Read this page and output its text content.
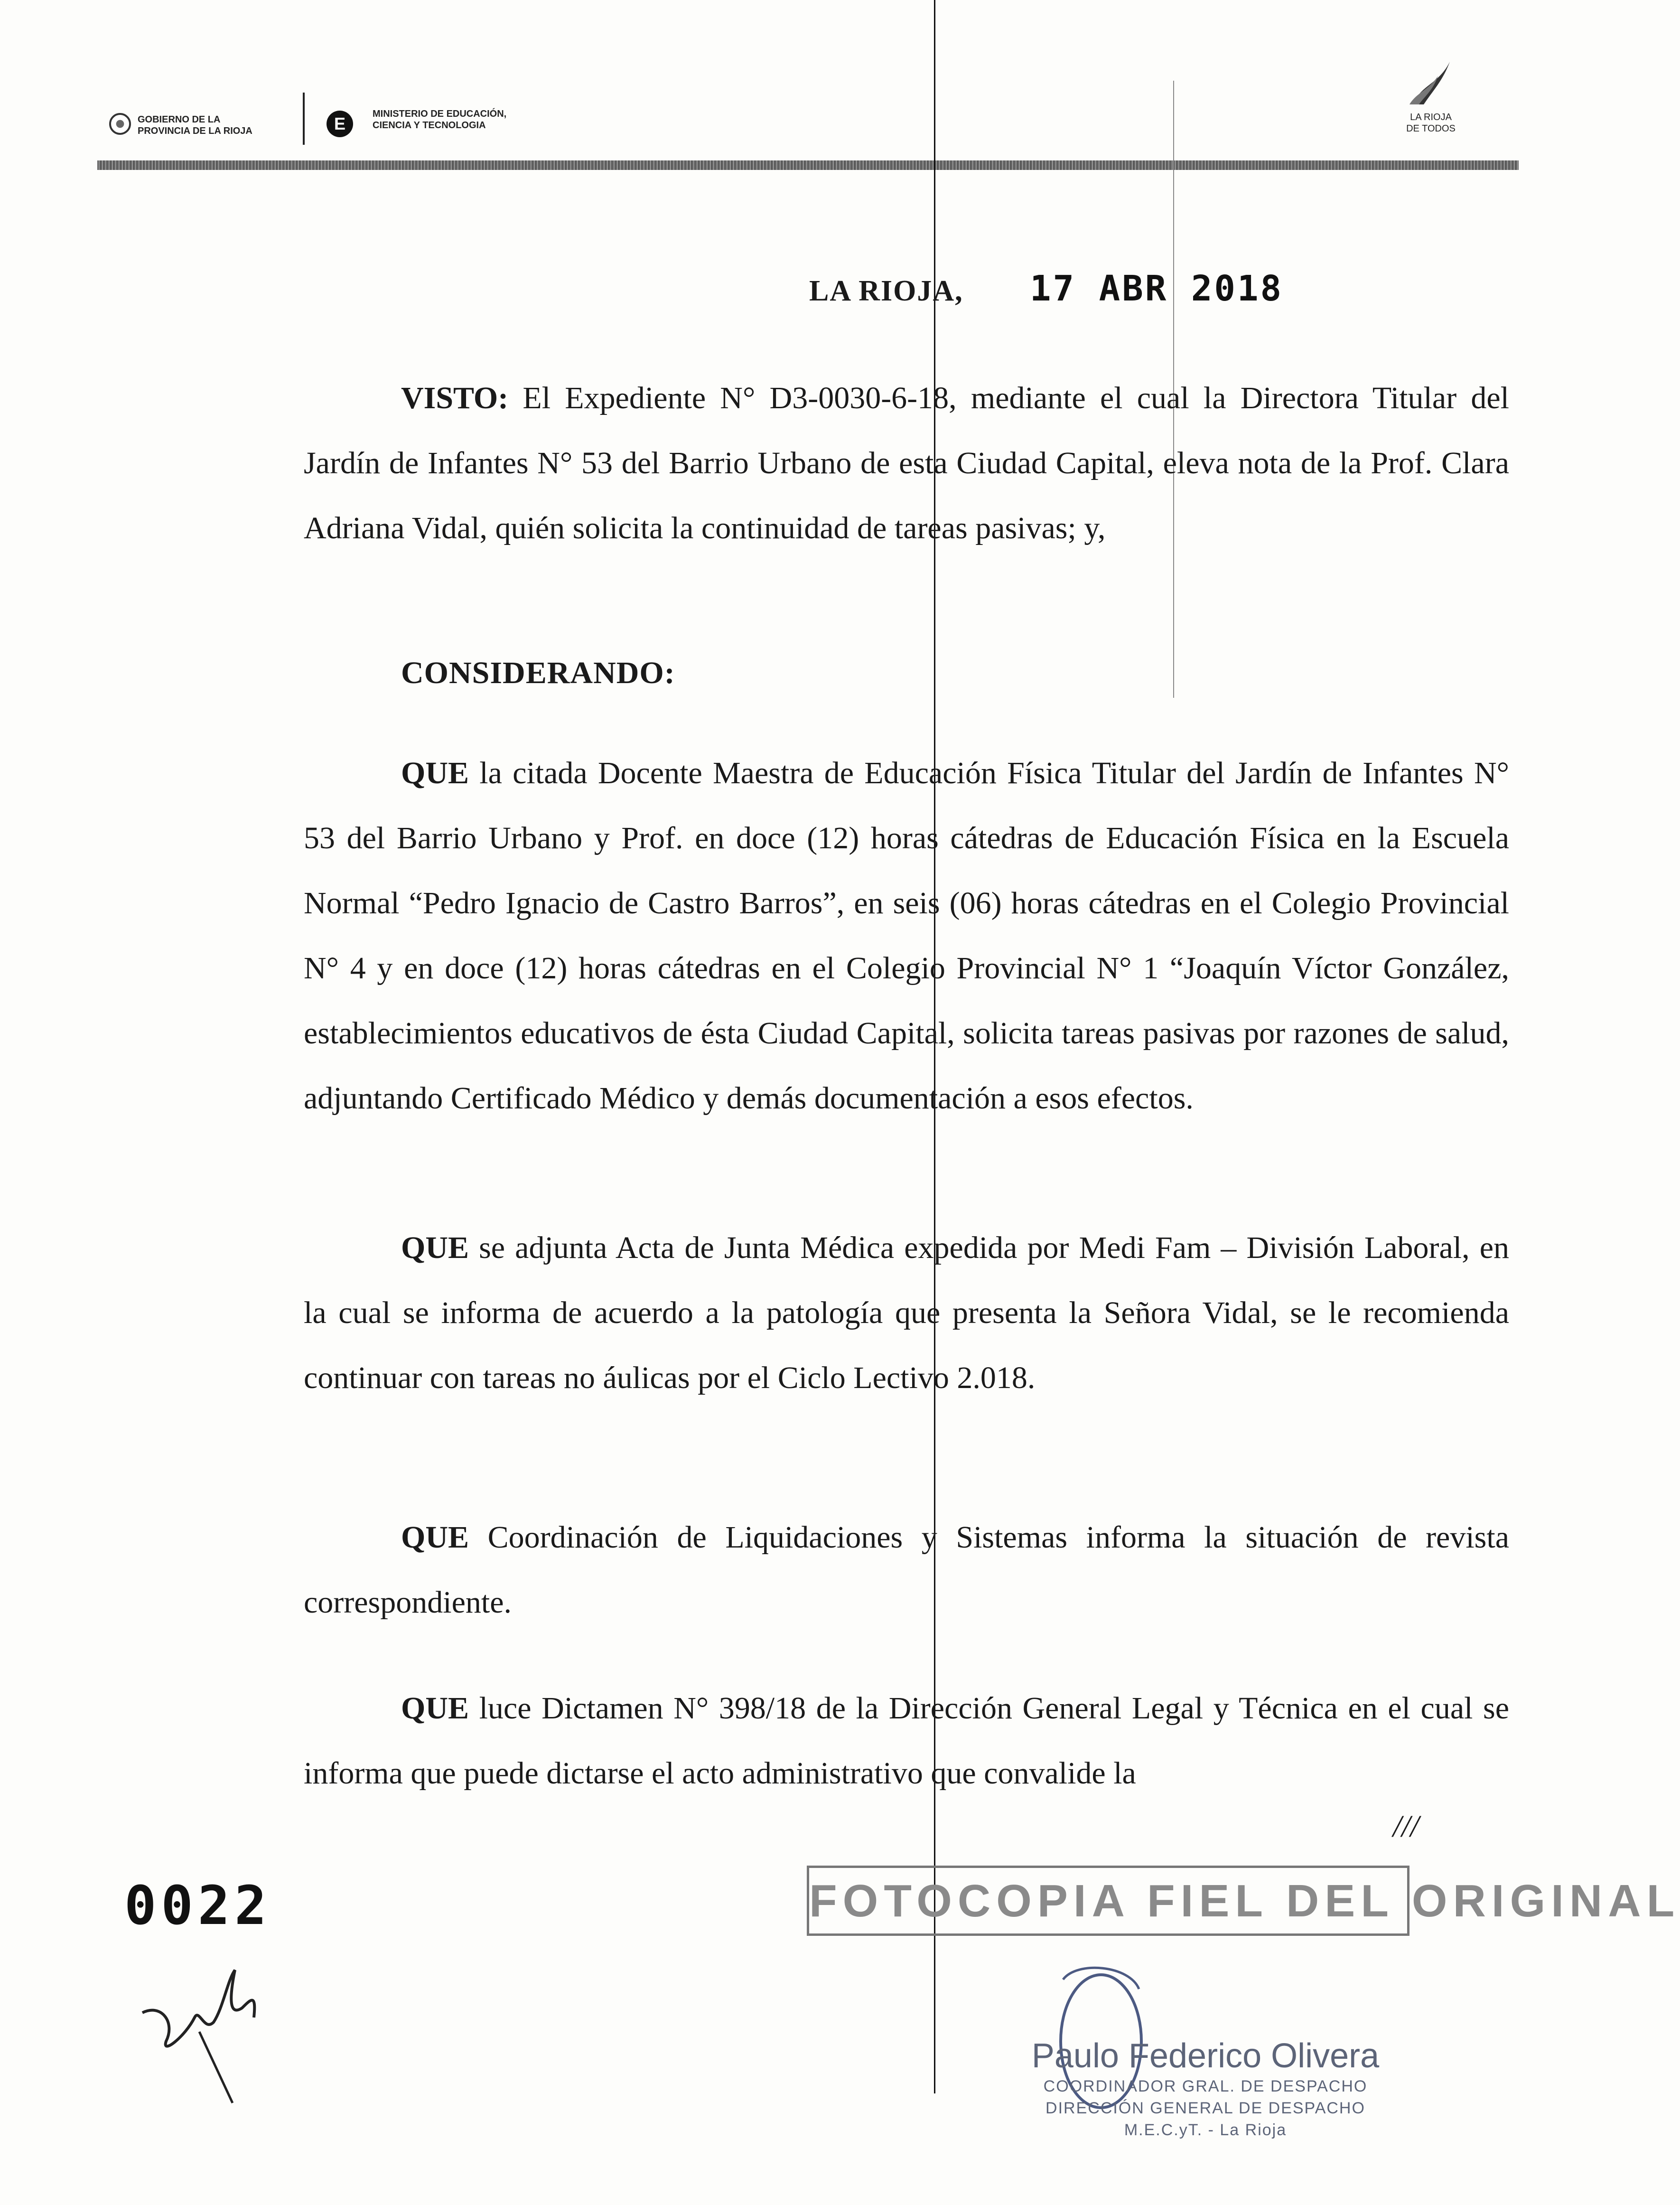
GOBIERNO DE LA
PROVINCIA DE LA RIOJA	E	MINISTERIO DE EDUCACIÓN,
CIENCIA Y TECNOLOGIA
LA RIOJA
DE TODOS
LA RIOJA, 17 ABR 2018
VISTO: El Expediente N° D3-0030-6-18, mediante el cual la Directora Titular del Jardín de Infantes N° 53 del Barrio Urbano de esta Ciudad Capital, eleva nota de la Prof. Clara Adriana Vidal, quién solicita la continuidad de tareas pasivas; y,
CONSIDERANDO:
QUE la citada Docente Maestra de Educación Física Titular del Jardín de Infantes N° 53 del Barrio Urbano y Prof. en doce (12) horas cátedras de Educación Física en la Escuela Normal “Pedro Ignacio de Castro Barros”, en seis (06) horas cátedras en el Colegio Provincial N° 4 y en doce (12) horas cátedras en el Colegio Provincial N° 1 “Joaquín Víctor González, establecimientos educativos de ésta Ciudad Capital, solicita tareas pasivas por razones de salud, adjuntando Certificado Médico y demás documentación a esos efectos.
QUE se adjunta Acta de Junta Médica expedida por Medi Fam – División Laboral, en la cual se informa de acuerdo a la patología que presenta la Señora Vidal, se le recomienda continuar con tareas no áulicas por el Ciclo Lectivo 2.018.
QUE Coordinación de Liquidaciones y Sistemas informa la situación de revista correspondiente.
QUE luce Dictamen N° 398/18 de la Dirección General Legal y Técnica en el cual se informa que puede dictarse el acto administrativo que convalide la
///
0022	FOTOCOPIA FIEL DEL ORIGINAL
Paulo Federico Olivera
COORDINADOR GRAL. DE DESPACHO
DIRECCIÓN GENERAL DE DESPACHO
M.E.C.yT. - La Rioja
